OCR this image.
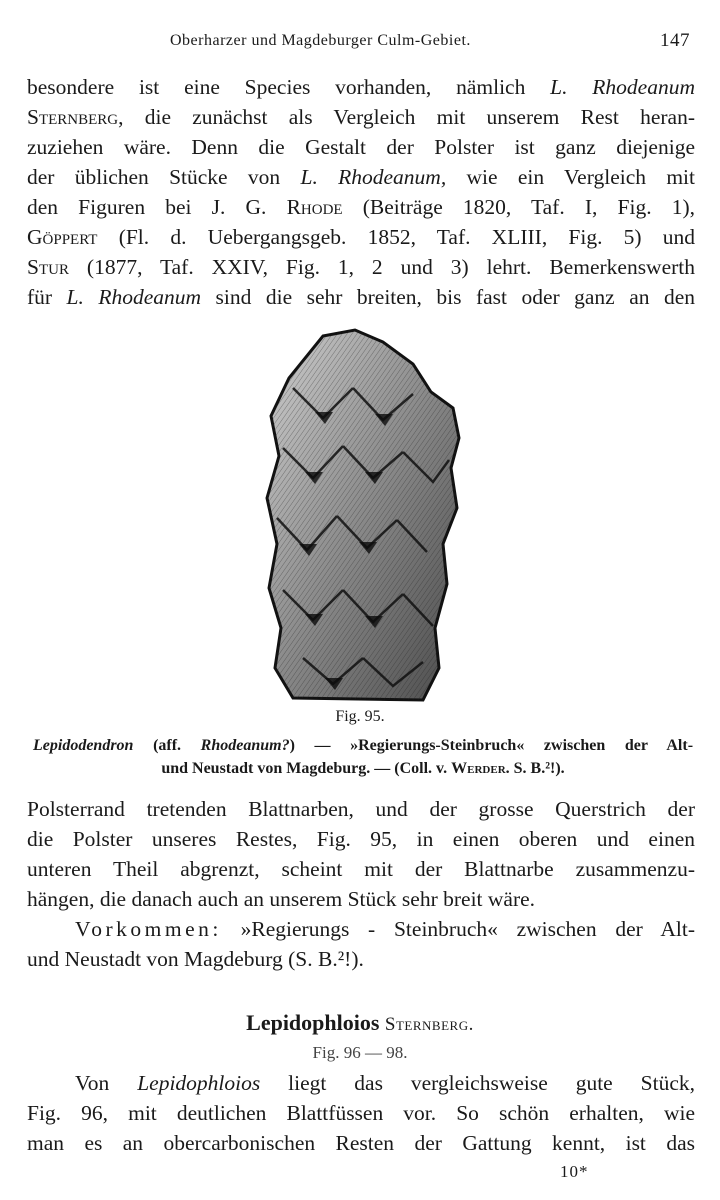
Oberharzer und Magdeburger Culm-Gebiet.	147
besondere ist eine Species vorhanden, nämlich L. Rhodeanum
Sternberg, die zunächst als Vergleich mit unserem Rest heran-
zuziehen wäre. Denn die Gestalt der Polster ist ganz diejenige
der üblichen Stücke von L. Rhodeanum, wie ein Vergleich mit
den Figuren bei J. G. Rhode (Beiträge 1820, Taf. I, Fig. 1),
Göppert (Fl. d. Uebergangsgeb. 1852, Taf. XLIII, Fig. 5) und
Stur (1877, Taf. XXIV, Fig. 1, 2 und 3) lehrt. Bemerkenswerth
für L. Rhodeanum sind die sehr breiten, bis fast oder ganz an den
Fig. 95.
Lepidodendron (aff. Rhodeanum?) — »Regierungs-Steinbruch« zwischen der Alt-
und Neustadt von Magdeburg. — (Coll. v. Werder. S. B.²!).
Polsterrand tretenden Blattnarben, und der grosse Querstrich der
die Polster unseres Restes, Fig. 95, in einen oberen und einen
unteren Theil abgrenzt, scheint mit der Blattnarbe zusammenzu-
hängen, die danach auch an unserem Stück sehr breit wäre.
Vorkommen: »Regierungs - Steinbruch« zwischen der Alt-
und Neustadt von Magdeburg (S. B.²!).
Lepidophloios Sternberg.
Fig. 96 — 98.
Von Lepidophloios liegt das vergleichsweise gute Stück,
Fig. 96, mit deutlichen Blattfüssen vor. So schön erhalten, wie
man es an obercarbonischen Resten der Gattung kennt, ist das
10*
